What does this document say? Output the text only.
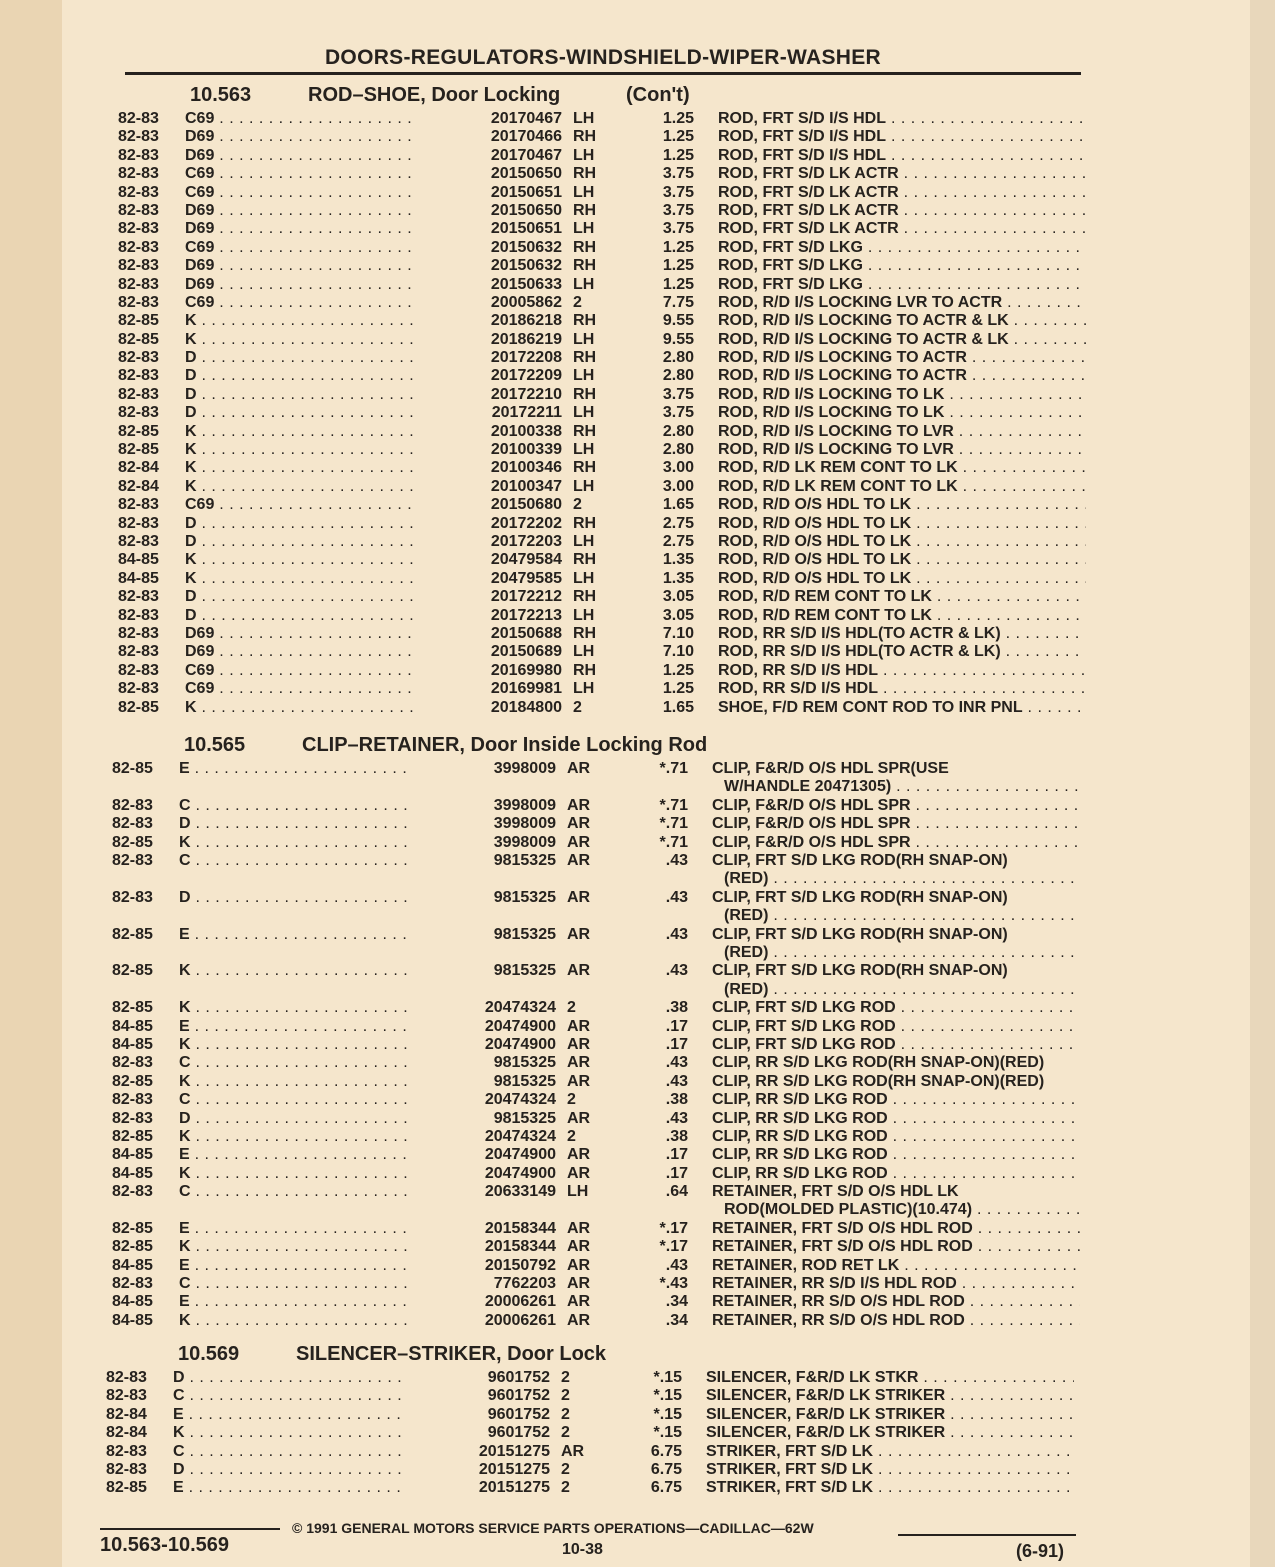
DOORS-REGULATORS-WINDSHIELD-WIPER-WASHER
10.563	ROD–SHOE, Door Locking	(Con't)
82-83 C69 . . .	20170467 LH	1.25 ROD, FRT S/D I/S HDL . . .
82-83 D69 . . .	20170466 RH	1.25 ROD, FRT S/D I/S HDL . . .
82-83 D69 . . .	20170467 LH	1.25 ROD, FRT S/D I/S HDL . . .
82-83 C69 . . .	20150650 RH	3.75 ROD, FRT S/D LK ACTR . . .
82-83 C69 . . .	20150651 LH	3.75 ROD, FRT S/D LK ACTR . . .
82-83 D69 . . .	20150650 RH	3.75 ROD, FRT S/D LK ACTR . . .
82-83 D69 . . .	20150651 LH	3.75 ROD, FRT S/D LK ACTR . . .
82-83 C69 . . .	20150632 RH	1.25 ROD, FRT S/D LKG . . .
82-83 D69 . . .	20150632 RH	1.25 ROD, FRT S/D LKG . . .
82-83 D69 . . .	20150633 LH	1.25 ROD, FRT S/D LKG . . .
82-83 C69 . . .	20005862 2	7.75 ROD, R/D I/S LOCKING LVR TO ACTR . . .
82-85 K . . .	20186218 RH	9.55 ROD, R/D I/S LOCKING TO ACTR & LK . . .
82-85 K . . .	20186219 LH	9.55 ROD, R/D I/S LOCKING TO ACTR & LK . . .
82-83 D . . .	20172208 RH	2.80 ROD, R/D I/S LOCKING TO ACTR . . .
82-83 D . . .	20172209 LH	2.80 ROD, R/D I/S LOCKING TO ACTR . . .
82-83 D . . .	20172210 RH	3.75 ROD, R/D I/S LOCKING TO LK . . .
82-83 D . . .	20172211 LH	3.75 ROD, R/D I/S LOCKING TO LK . . .
82-85 K . . .	20100338 RH	2.80 ROD, R/D I/S LOCKING TO LVR . . .
82-85 K . . .	20100339 LH	2.80 ROD, R/D I/S LOCKING TO LVR . . .
82-84 K . . .	20100346 RH	3.00 ROD, R/D LK REM CONT TO LK . . .
82-84 K . . .	20100347 LH	3.00 ROD, R/D LK REM CONT TO LK . . .
82-83 C69 . . .	20150680 2	1.65 ROD, R/D O/S HDL TO LK . . .
82-83 D . . .	20172202 RH	2.75 ROD, R/D O/S HDL TO LK . . .
82-83 D . . .	20172203 LH	2.75 ROD, R/D O/S HDL TO LK . . .
84-85 K . . .	20479584 RH	1.35 ROD, R/D O/S HDL TO LK . . .
84-85 K . . .	20479585 LH	1.35 ROD, R/D O/S HDL TO LK . . .
82-83 D . . .	20172212 RH	3.05 ROD, R/D REM CONT TO LK . . .
82-83 D . . .	20172213 LH	3.05 ROD, R/D REM CONT TO LK . . .
82-83 D69 . . .	20150688 RH	7.10 ROD, RR S/D I/S HDL(TO ACTR & LK) . . .
82-83 D69 . . .	20150689 LH	7.10 ROD, RR S/D I/S HDL(TO ACTR & LK) . . .
82-83 C69 . . .	20169980 RH	1.25 ROD, RR S/D I/S HDL . . .
82-83 C69 . . .	20169981 LH	1.25 ROD, RR S/D I/S HDL . . .
82-85 K . . .	20184800 2	1.65 SHOE, F/D REM CONT ROD TO INR PNL . . .
10.565	CLIP–RETAINER, Door Inside Locking Rod
82-85 E . . .	3998009 AR	*.71 CLIP, F&R/D O/S HDL SPR(USE
W/HANDLE 20471305) . . .
82-83 C . . .	3998009 AR	*.71 CLIP, F&R/D O/S HDL SPR . . .
82-83 D . . .	3998009 AR	*.71 CLIP, F&R/D O/S HDL SPR . . .
82-85 K . . .	3998009 AR	*.71 CLIP, F&R/D O/S HDL SPR . . .
82-83 C . . .	9815325 AR	.43 CLIP, FRT S/D LKG ROD(RH SNAP-ON)
(RED) . . .
82-83 D . . .	9815325 AR	.43 CLIP, FRT S/D LKG ROD(RH SNAP-ON)
(RED) . . .
82-85 E . . .	9815325 AR	.43 CLIP, FRT S/D LKG ROD(RH SNAP-ON)
(RED) . . .
82-85 K . . .	9815325 AR	.43 CLIP, FRT S/D LKG ROD(RH SNAP-ON)
(RED) . . .
82-85 K . . .	20474324 2	.38 CLIP, FRT S/D LKG ROD . . .
84-85 E . . .	20474900 AR	.17 CLIP, FRT S/D LKG ROD . . .
84-85 K . . .	20474900 AR	.17 CLIP, FRT S/D LKG ROD . . .
82-83 C . . .	9815325 AR	.43 CLIP, RR S/D LKG ROD(RH SNAP-ON)(RED)
82-85 K . . .	9815325 AR	.43 CLIP, RR S/D LKG ROD(RH SNAP-ON)(RED)
82-83 C . . .	20474324 2	.38 CLIP, RR S/D LKG ROD . . .
82-83 D . . .	9815325 AR	.43 CLIP, RR S/D LKG ROD . . .
82-85 K . . .	20474324 2	.38 CLIP, RR S/D LKG ROD . . .
84-85 E . . .	20474900 AR	.17 CLIP, RR S/D LKG ROD . . .
84-85 K . . .	20474900 AR	.17 CLIP, RR S/D LKG ROD . . .
82-83 C . . .	20633149 LH	.64 RETAINER, FRT S/D O/S HDL LK
ROD(MOLDED PLASTIC)(10.474) . . .
82-85 E . . .	20158344 AR	*.17 RETAINER, FRT S/D O/S HDL ROD . . .
82-85 K . . .	20158344 AR	*.17 RETAINER, FRT S/D O/S HDL ROD . . .
84-85 E . . .	20150792 AR	.43 RETAINER, ROD RET LK . . .
82-83 C . . .	7762203 AR	*.43 RETAINER, RR S/D I/S HDL ROD . . .
84-85 E . . .	20006261 AR	.34 RETAINER, RR S/D O/S HDL ROD . . .
84-85 K . . .	20006261 AR	.34 RETAINER, RR S/D O/S HDL ROD . . .
10.569	SILENCER–STRIKER, Door Lock
82-83 D . . .	9601752 2	*.15 SILENCER, F&R/D LK STKR . . .
82-83 C . . .	9601752 2	*.15 SILENCER, F&R/D LK STRIKER . . .
82-84 E . . .	9601752 2	*.15 SILENCER, F&R/D LK STRIKER . . .
82-84 K . . .	9601752 2	*.15 SILENCER, F&R/D LK STRIKER . . .
82-83 C . . .	20151275 AR	6.75 STRIKER, FRT S/D LK . . .
82-83 D . . .	20151275 2	6.75 STRIKER, FRT S/D LK . . .
82-85 E . . .	20151275 2	6.75 STRIKER, FRT S/D LK . . .
© 1991 GENERAL MOTORS SERVICE PARTS OPERATIONS—CADILLAC—62W
10.563-10.569	10-38	(6-91)
